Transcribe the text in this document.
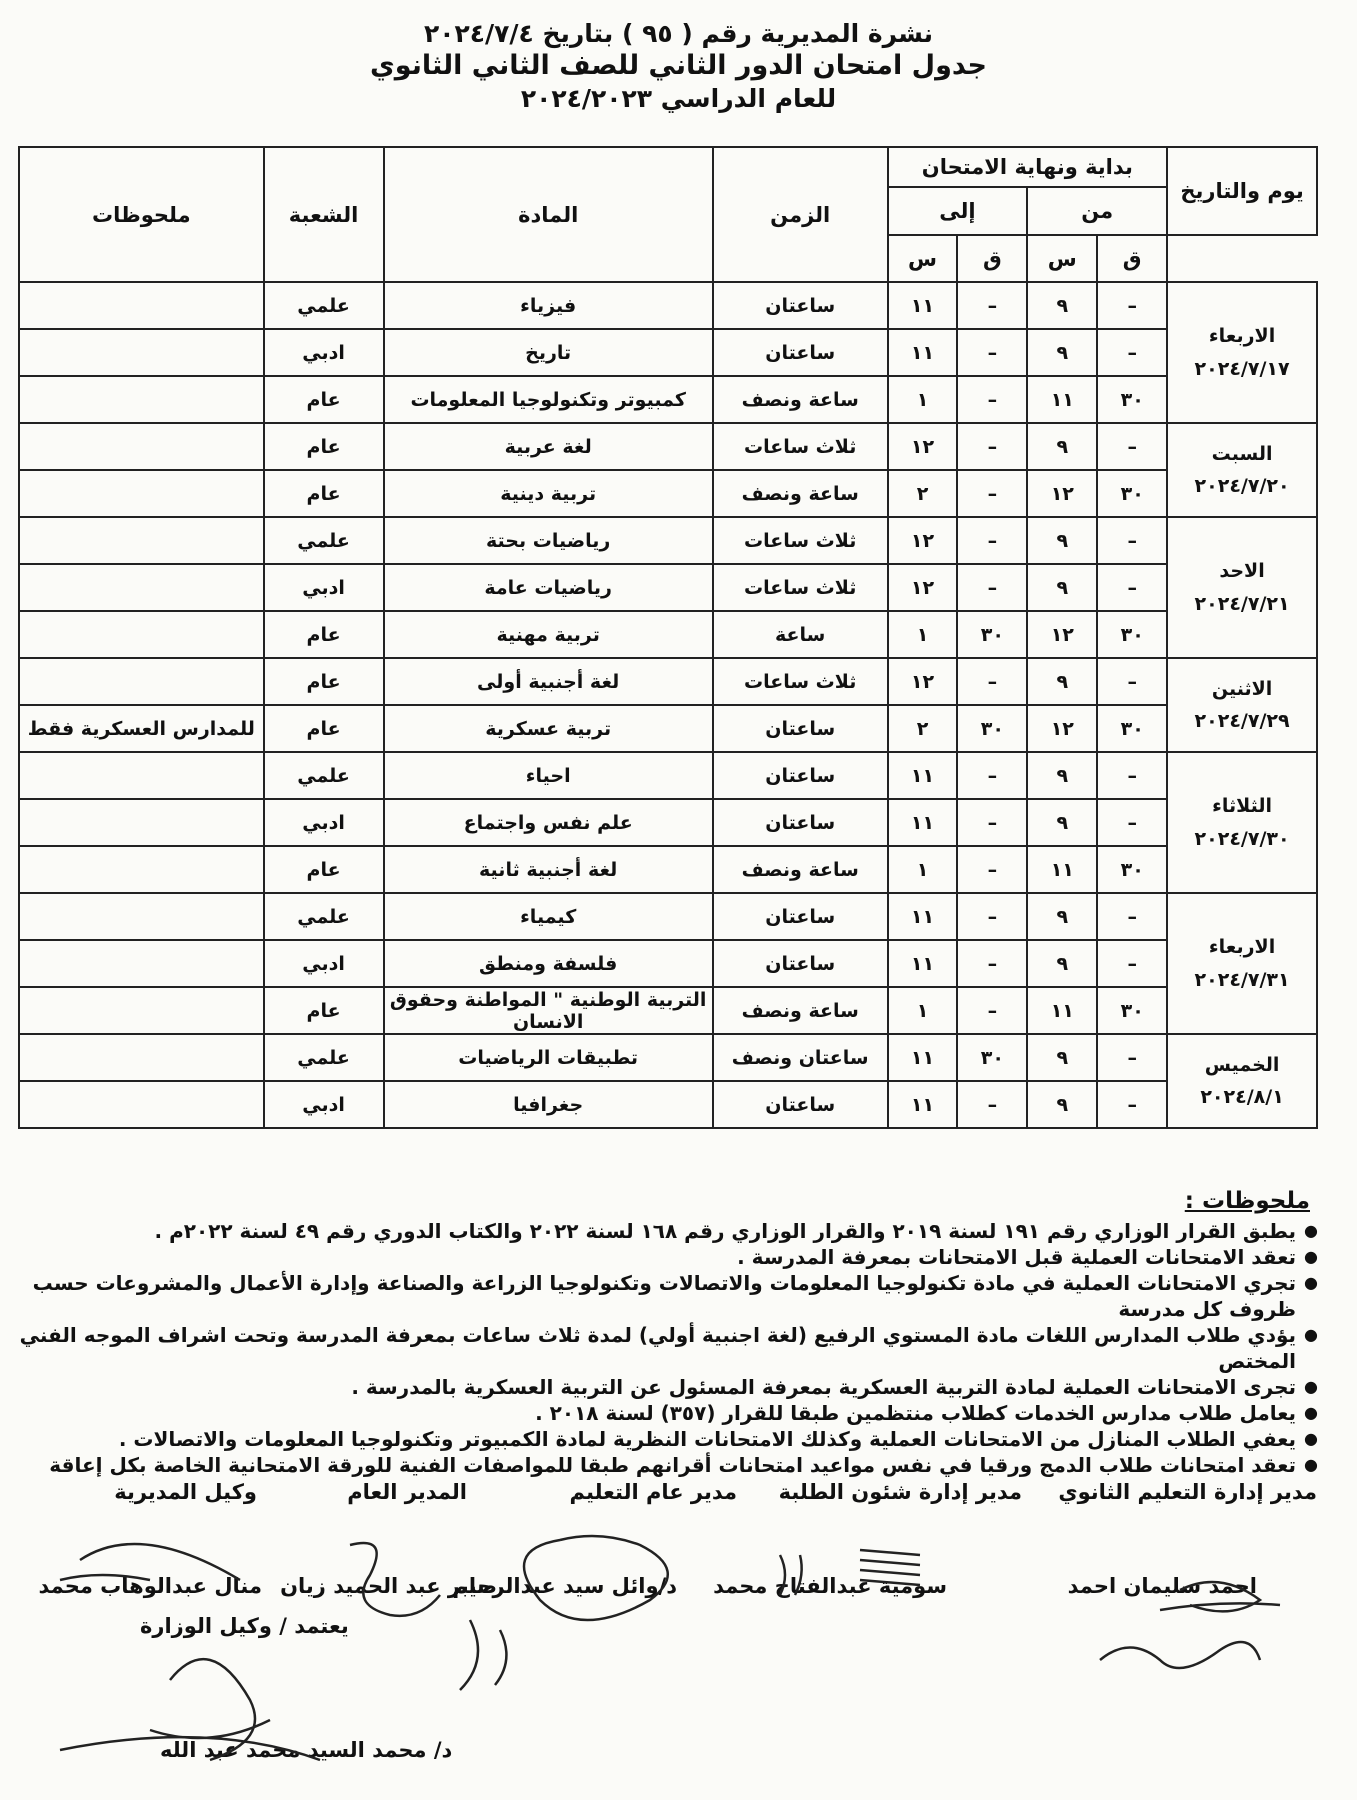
نشرة المديرية رقم ( ٩٥ ) بتاريخ ٢٠٢٤/٧/٤
جدول امتحان الدور الثاني للصف الثاني الثانوي
للعام الدراسي ٢٠٢٤/٢٠٢٣
يوم والتاريخ	بداية ونهاية الامتحان				الزمن	المادة	الشعبة	ملحوظات
	من		إلى					
	ق	س	ق	س				

الاربعاء
٢٠٢٤/٧/١٧	–	٩	–	١١	ساعتان	فيزياء	علمي	
	–	٩	–	١١	ساعتان	تاريخ	ادبي	
	٣٠	١١	–	١	ساعة ونصف	كمبيوتر وتكنولوجيا المعلومات	عام	

السبت
٢٠٢٤/٧/٢٠	–	٩	–	١٢	ثلاث ساعات	لغة عربية	عام	
	٣٠	١٢	–	٢	ساعة ونصف	تربية دينية	عام	

الاحد
٢٠٢٤/٧/٢١	–	٩	–	١٢	ثلاث ساعات	رياضيات بحتة	علمي	
	–	٩	–	١٢	ثلاث ساعات	رياضيات عامة	ادبي	
	٣٠	١٢	٣٠	١	ساعة	تربية مهنية	عام	

الاثنين
٢٠٢٤/٧/٢٩	–	٩	–	١٢	ثلاث ساعات	لغة أجنبية أولى	عام	
	٣٠	١٢	٣٠	٢	ساعتان	تربية عسكرية	عام	للمدارس العسكرية فقط

الثلاثاء
٢٠٢٤/٧/٣٠	–	٩	–	١١	ساعتان	احياء	علمي	
	–	٩	–	١١	ساعتان	علم نفس واجتماع	ادبي	
	٣٠	١١	–	١	ساعة ونصف	لغة أجنبية ثانية	عام	

الاربعاء
٢٠٢٤/٧/٣١	–	٩	–	١١	ساعتان	كيمياء	علمي	
	–	٩	–	١١	ساعتان	فلسفة ومنطق	ادبي	
	٣٠	١١	–	١	ساعة ونصف	التربية الوطنية " المواطنة وحقوق الانسان	عام	

الخميس
٢٠٢٤/٨/١	–	٩	٣٠	١١	ساعتان ونصف	تطبيقات الرياضيات	علمي	
	–	٩	–	١١	ساعتان	جغرافيا	ادبي	
ملحوظات :
●
يطبق القرار الوزاري رقم ١٩١ لسنة ٢٠١٩ والقرار الوزاري رقم ١٦٨ لسنة ٢٠٢٢ والكتاب الدوري رقم ٤٩ لسنة ٢٠٢٢م .
●
تعقد الامتحانات العملية قبل الامتحانات بمعرفة المدرسة .
●
تجري الامتحانات العملية في مادة تكنولوجيا المعلومات والاتصالات وتكنولوجيا الزراعة والصناعة وإدارة الأعمال والمشروعات حسب ظروف كل مدرسة
●
يؤدي طلاب المدارس اللغات مادة المستوي الرفيع (لغة اجنبية أولي) لمدة ثلاث ساعات بمعرفة المدرسة وتحت اشراف الموجه الفني المختص
●
تجرى الامتحانات العملية لمادة التربية العسكرية بمعرفة المسئول عن التربية العسكرية بالمدرسة .
●
يعامل طلاب مدارس الخدمات كطلاب منتظمين طبقا للقرار (٣٥٧) لسنة ٢٠١٨ .
●
يعفي الطلاب المنازل من الامتحانات العملية وكذلك الامتحانات النظرية لمادة الكمبيوتر وتكنولوجيا المعلومات والاتصالات .
●
تعقد امتحانات طلاب الدمج ورقيا في نفس مواعيد امتحانات أقرانهم طبقا للمواصفات الفنية للورقة الامتحانية الخاصة بكل إعاقة
مدير إدارة التعليم الثانوي
مدير إدارة شئون الطلبة
مدير عام التعليم
المدير العام
وكيل المديرية
احمد سليمان احمد
سومية عبدالفتاح محمد
د/وائل سيد عبدالرحيم
صابر عبد الحميد زيان
منال عبدالوهاب محمد
يعتمد / وكيل الوزارة
د/ محمد السيد محمد عبد الله
